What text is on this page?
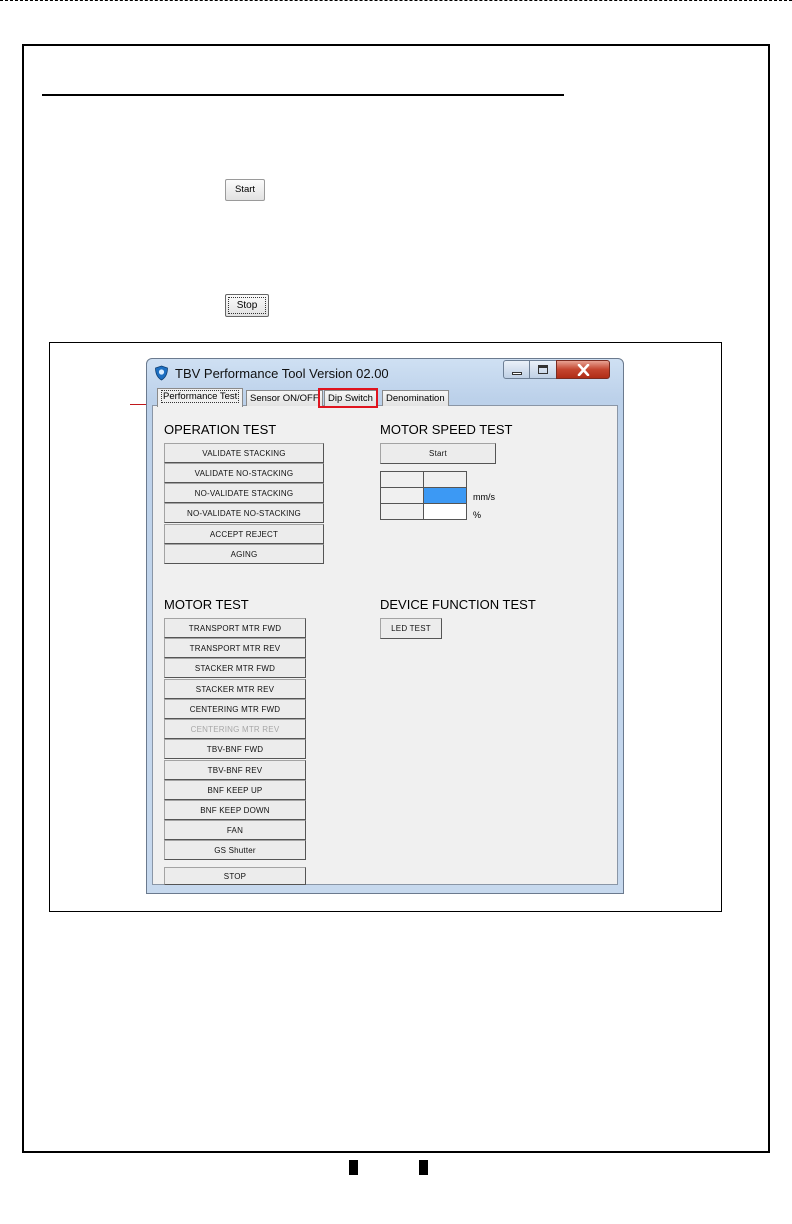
Start
Stop
TBV Performance Tool Version 02.00
Performance Test	Sensor ON/OFF Dip Switch	Denomination
OPERATION TEST
VALIDATE STACKING
VALIDATE NO-STACKING
NO-VALIDATE STACKING
NO-VALIDATE NO-STACKING
ACCEPT REJECT
AGING
MOTOR SPEED TEST
Start
mm/s
%
MOTOR TEST
TRANSPORT MTR FWD
TRANSPORT MTR REV
STACKER MTR FWD
STACKER MTR REV
CENTERING MTR FWD
CENTERING MTR REV
TBV-BNF FWD
TBV-BNF REV
BNF KEEP UP
BNF KEEP DOWN
FAN
GS Shutter
STOP
DEVICE FUNCTION TEST
LED TEST
